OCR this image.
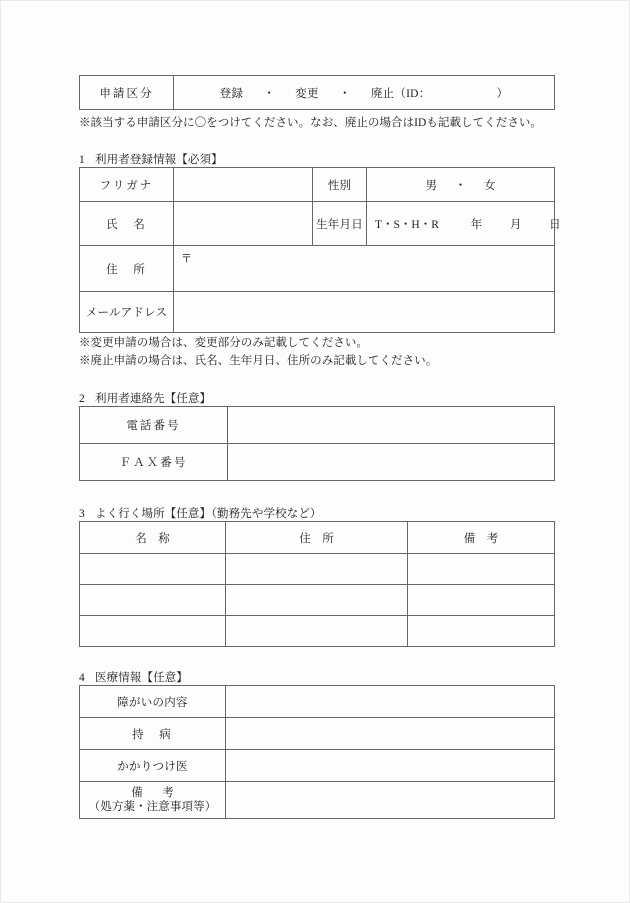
申請区分	登録 ・ 変更 ・ 廃止（ID：	）

※該当する申請区分に〇をつけてください。なお、廃止の場合はIDも記載してください。

1 利用者登録情報【必須】

フリガナ		性別	男 ・ 女

氏　名		生年月日	T・S・H・R 年 月 日

住　所	〒		

メールアドレス			

※変更申請の場合は、変更部分のみ記載してください。

※廃止申請の場合は、氏名、生年月日、住所のみ記載してください。

2 利用者連絡先【任意】

電話番号	
ＦＡＸ番号	

3 よく行く場所【任意】（勤務先や学校など）

名　称	住　所	備　考

4 医療情報【任意】

障がいの内容	
持　病	
かかりつけ医	

備　考
（処方薬・注意事項等）	
